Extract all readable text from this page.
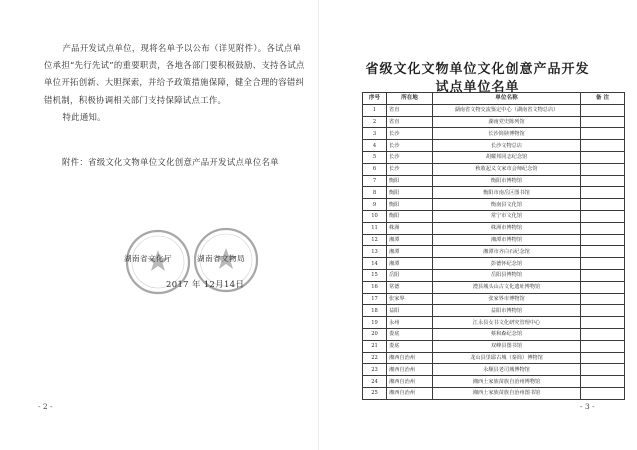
产品开发试点单位，现将名单予以公布（详见附件）。各试点单位承担“先行先试”的重要职责，各地各部门要积极鼓励、支持各试点单位开拓创新、大胆探索，并给予政策措施保障，健全合理的容错纠错机制，积极协调相关部门支持保障试点工作。

特此通知。

附件：省级文化文物单位文化创意产品开发试点单位名单
湖南省文化厅	湖南省文物局
2017 年 12月14日
- 2 -
省级文化文物单位文化创意产品开发
试点单位名单
序号	所在地	单位名称	备 注
1	省直	湖南省文物交流鉴定中心（湖南省文物总店）	
2	省直	湖南党史陈列馆	
3	长沙	长沙简牍博物馆	
4	长沙	长沙文物总店	
5	长沙	胡耀邦同志纪念馆	
6	长沙	秋收起义文家市会师纪念馆	
7	衡阳	衡阳市博物馆	
8	衡阳	衡阳市南岳区图书馆	
9	衡阳	衡南县文化馆	
10	衡阳	常宁市文化馆	
11	株洲	株洲市博物馆	
12	湘潭	湘潭市博物馆	
13	湘潭	湘潭市齐白石纪念馆	
14	湘潭	彭德怀纪念馆	
15	岳阳	岳阳县博物馆	
16	常德	澧县城头山古文化遗址博物馆	
17	张家界	张家界市博物馆	
18	益阳	益阳市博物馆	
19	永州	江永县女书文化研究管理中心	
20	娄底	蔡和森纪念馆	
21	娄底	双峰县图书馆	
22	湘西自治州	龙山县里耶古城（秦简）博物馆	
23	湘西自治州	永顺县老司城博物馆	
24	湘西自治州	湘西土家族苗族自治州博物馆	
25	湘西自治州	湘西土家族苗族自治州图书馆	
- 3 -
